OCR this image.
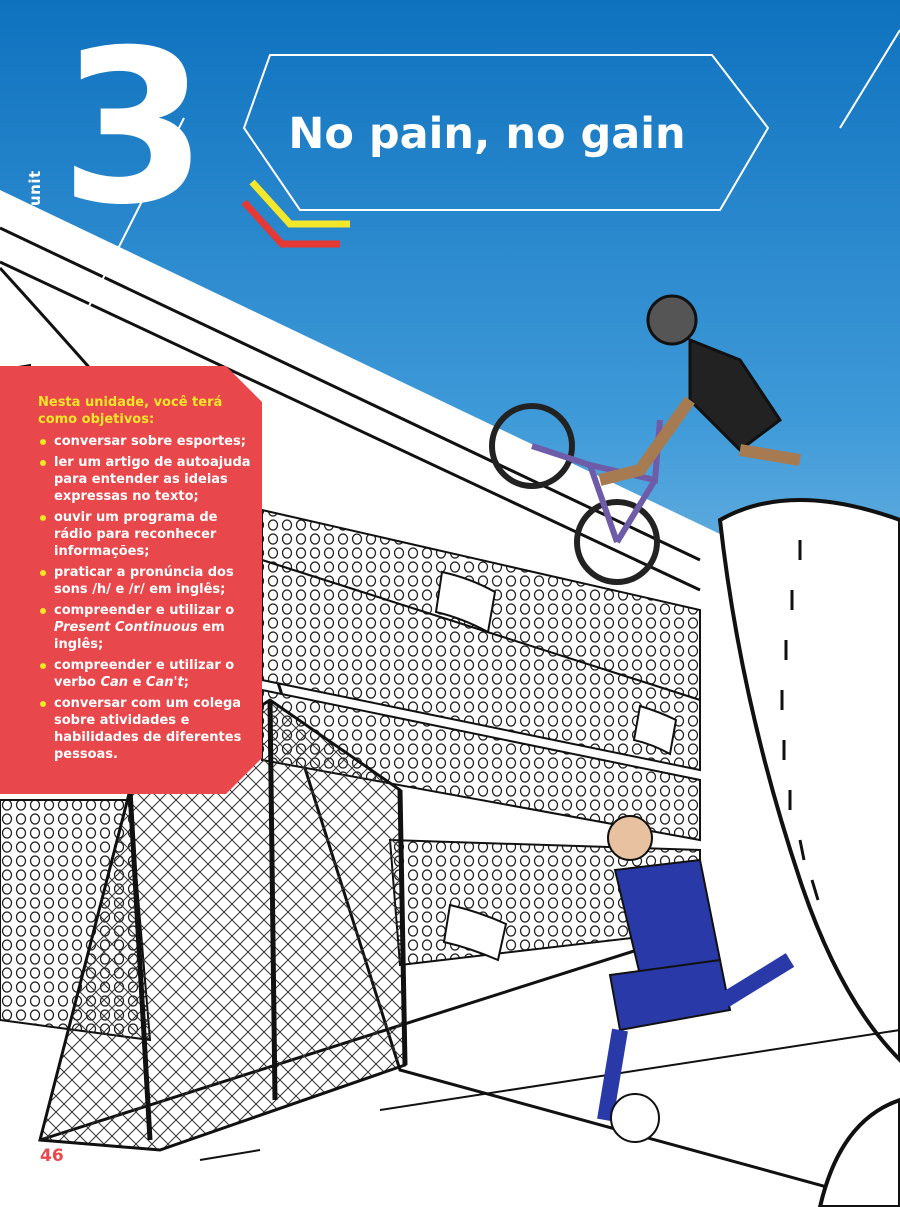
unit 3	No pain, no gain

Nesta unidade, você terá como objetivos:

conversar sobre esportes;
ler um artigo de autoajuda para entender as ideias expressas no texto;
ouvir um programa de rádio para reconhecer informações;
praticar a pronúncia dos sons /h/ e /r/ em inglês;
compreender e utilizar o Present Continuous em inglês;
compreender e utilizar o verbo Can e Can't;
conversar com um colega sobre atividades e habilidades de diferentes pessoas.
46
